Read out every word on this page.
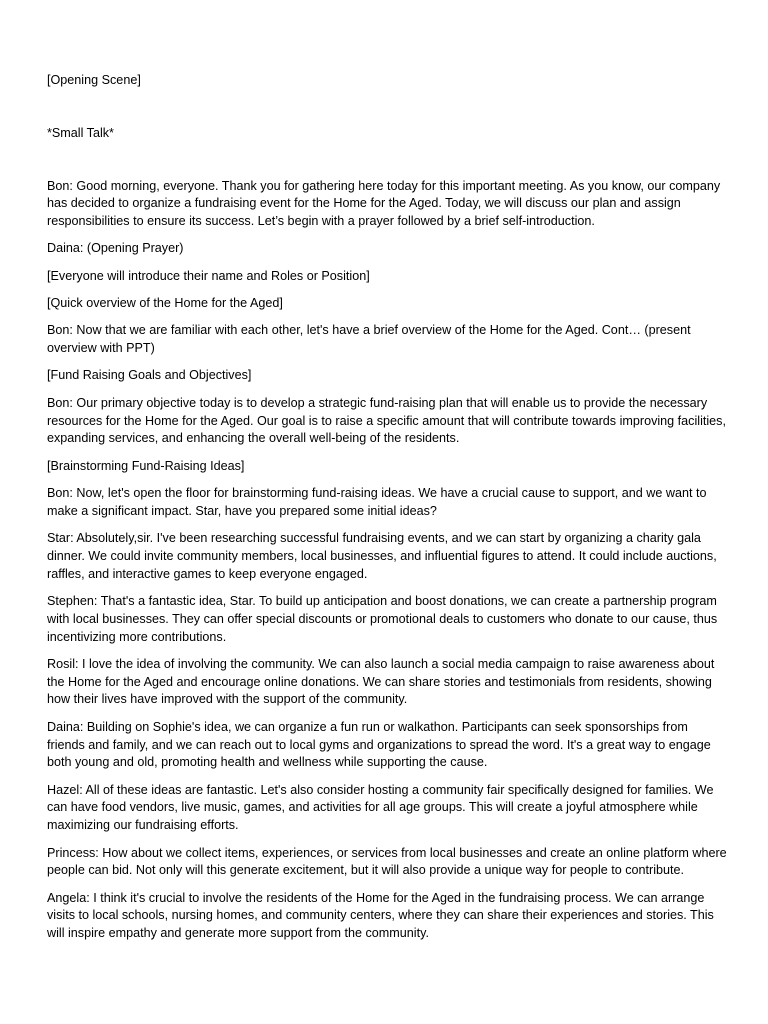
[Opening Scene]

*Small Talk*

Bon: Good morning, everyone. Thank you for gathering here today for this important meeting. As you know, our company has decided to organize a fundraising event for the Home for the Aged. Today, we will discuss our plan and assign responsibilities to ensure its success. Let’s begin with a prayer followed by a brief self-introduction.

Daina: (Opening Prayer)

[Everyone will introduce their name and Roles or Position]

[Quick overview of the Home for the Aged]

Bon: Now that we are familiar with each other, let's have a brief overview of the Home for the Aged. Cont… (present overview with PPT)

[Fund Raising Goals and Objectives]

Bon: Our primary objective today is to develop a strategic fund-raising plan that will enable us to provide the necessary resources for the Home for the Aged. Our goal is to raise a specific amount that will contribute towards improving facilities, expanding services, and enhancing the overall well-being of the residents.

[Brainstorming Fund-Raising Ideas]

Bon: Now, let's open the floor for brainstorming fund-raising ideas. We have a crucial cause to support, and we want to make a significant impact. Star, have you prepared some initial ideas?

Star: Absolutely,sir. I've been researching successful fundraising events, and we can start by organizing a charity gala dinner. We could invite community members, local businesses, and influential figures to attend. It could include auctions, raffles, and interactive games to keep everyone engaged.

Stephen: That's a fantastic idea, Star. To build up anticipation and boost donations, we can create a partnership program with local businesses. They can offer special discounts or promotional deals to customers who donate to our cause, thus incentivizing more contributions.

Rosil: I love the idea of involving the community. We can also launch a social media campaign to raise awareness about the Home for the Aged and encourage online donations. We can share stories and testimonials from residents, showing how their lives have improved with the support of the community.

Daina: Building on Sophie's idea, we can organize a fun run or walkathon. Participants can seek sponsorships from friends and family, and we can reach out to local gyms and organizations to spread the word. It's a great way to engage both young and old, promoting health and wellness while supporting the cause.

Hazel: All of these ideas are fantastic. Let's also consider hosting a community fair specifically designed for families. We can have food vendors, live music, games, and activities for all age groups. This will create a joyful atmosphere while maximizing our fundraising efforts.

Princess: How about we collect items, experiences, or services from local businesses and create an online platform where people can bid. Not only will this generate excitement, but it will also provide a unique way for people to contribute.

Angela: I think it's crucial to involve the residents of the Home for the Aged in the fundraising process. We can arrange visits to local schools, nursing homes, and community centers, where they can share their experiences and stories. This will inspire empathy and generate more support from the community.
